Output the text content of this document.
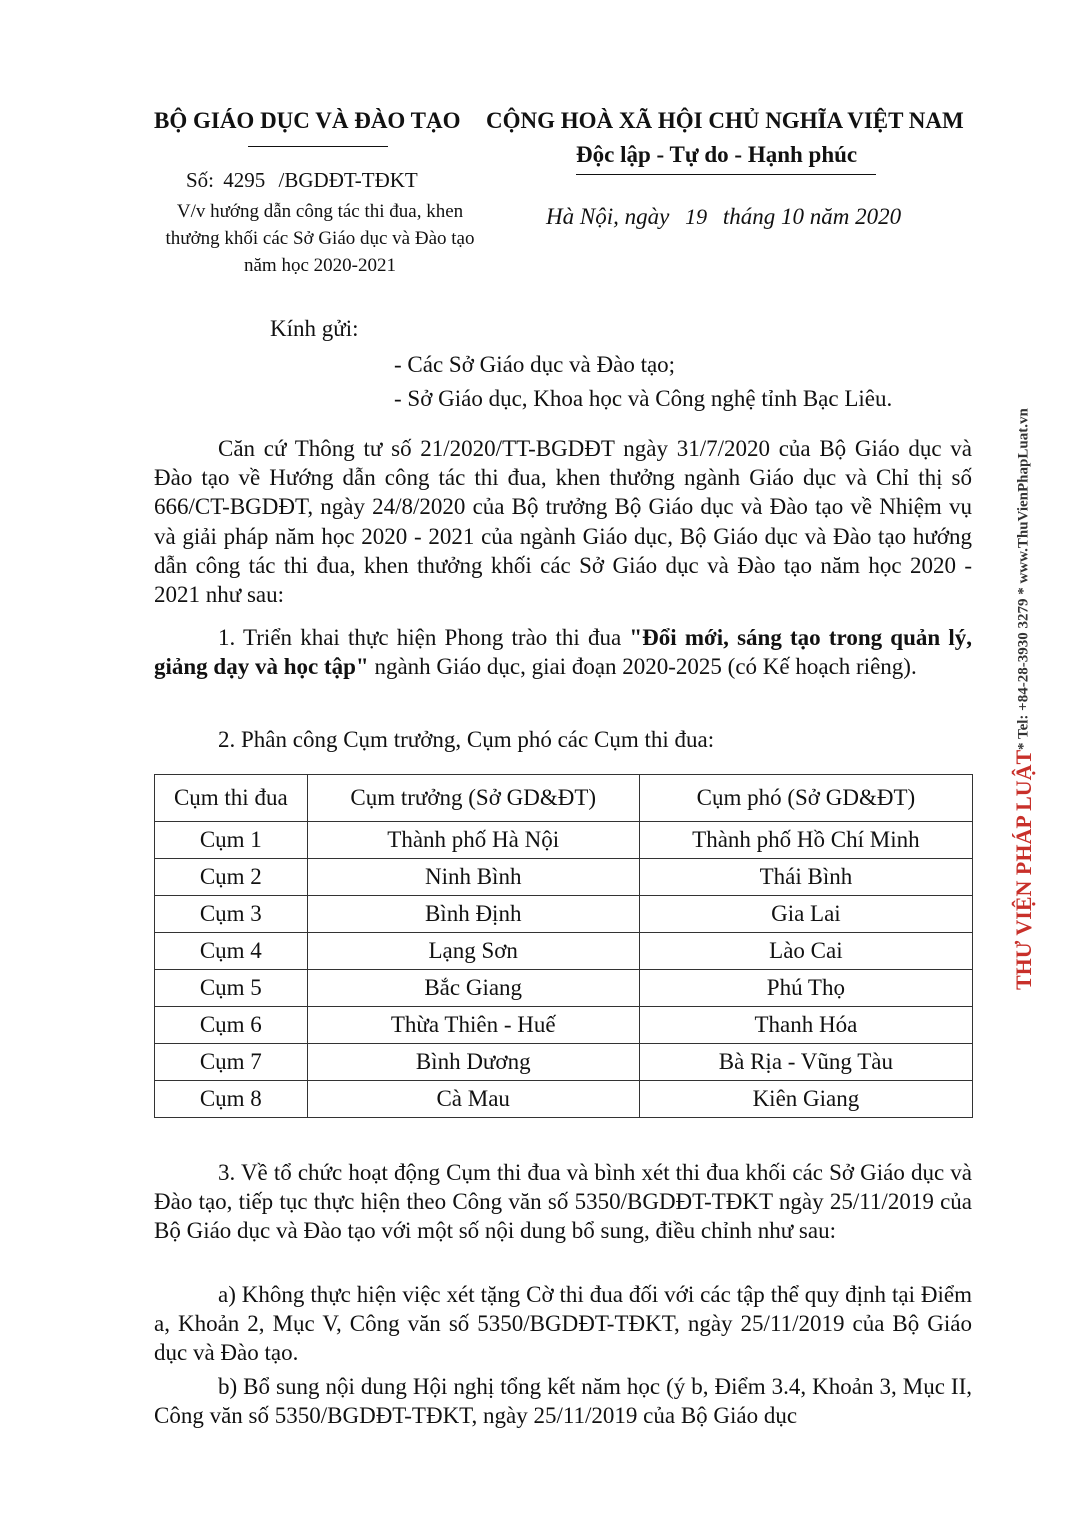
BỘ GIÁO DỤC VÀ ĐÀO TẠO	CỘNG HOÀ XÃ HỘI CHỦ NGHĨA VIỆT NAM
Độc lập - Tự do - Hạnh phúc
Số: 4295 /BGDĐT-TĐKT
V/v hướng dẫn công tác thi đua, khen thưởng khối các Sở Giáo dục và Đào tạo năm học 2020-2021
Hà Nội, ngày 19 tháng 10 năm 2020
Kính gửi:
- Các Sở Giáo dục và Đào tạo;
- Sở Giáo dục, Khoa học và Công nghệ tỉnh Bạc Liêu.
Căn cứ Thông tư số 21/2020/TT-BGDĐT ngày 31/7/2020 của Bộ Giáo dục và Đào tạo về Hướng dẫn công tác thi đua, khen thưởng ngành Giáo dục và Chỉ thị số 666/CT-BGDĐT, ngày 24/8/2020 của Bộ trưởng Bộ Giáo dục và Đào tạo về Nhiệm vụ và giải pháp năm học 2020 - 2021 của ngành Giáo dục, Bộ Giáo dục và Đào tạo hướng dẫn công tác thi đua, khen thưởng khối các Sở Giáo dục và Đào tạo năm học 2020 - 2021 như sau:
1. Triển khai thực hiện Phong trào thi đua "Đổi mới, sáng tạo trong quản lý, giảng dạy và học tập" ngành Giáo dục, giai đoạn 2020-2025 (có Kế hoạch riêng).
2. Phân công Cụm trưởng, Cụm phó các Cụm thi đua:
Cụm thi đua	Cụm trưởng (Sở GD&ĐT)	Cụm phó (Sở GD&ĐT)
Cụm 1	Thành phố Hà Nội	Thành phố Hồ Chí Minh
Cụm 2	Ninh Bình	Thái Bình
Cụm 3	Bình Định	Gia Lai
Cụm 4	Lạng Sơn	Lào Cai
Cụm 5	Bắc Giang	Phú Thọ
Cụm 6	Thừa Thiên - Huế	Thanh Hóa
Cụm 7	Bình Dương	Bà Rịa - Vũng Tàu
Cụm 8	Cà Mau	Kiên Giang
3. Về tổ chức hoạt động Cụm thi đua và bình xét thi đua khối các Sở Giáo dục và Đào tạo, tiếp tục thực hiện theo Công văn số 5350/BGDĐT-TĐKT ngày 25/11/2019 của Bộ Giáo dục và Đào tạo với một số nội dung bổ sung, điều chỉnh như sau:
a) Không thực hiện việc xét tặng Cờ thi đua đối với các tập thể quy định tại Điểm a, Khoản 2, Mục V, Công văn số 5350/BGDĐT-TĐKT, ngày 25/11/2019 của Bộ Giáo dục và Đào tạo.
b) Bổ sung nội dung Hội nghị tổng kết năm học (ý b, Điểm 3.4, Khoản 3, Mục II, Công văn số 5350/BGDĐT-TĐKT, ngày 25/11/2019 của Bộ Giáo dục
THƯ VIỆN PHÁP LUẬT
* Tel: +84-28-3930 3279 * www.ThuVienPhapLuat.vn
